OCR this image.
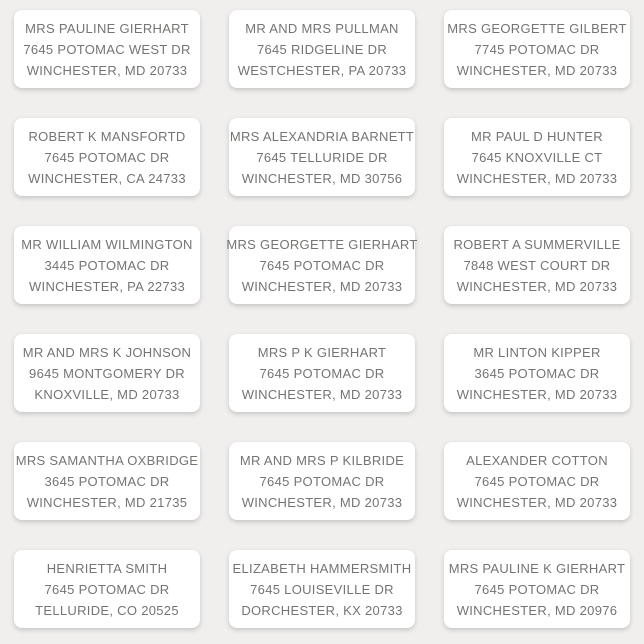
MRS PAULINE GIERHART
7645 POTOMAC WEST DR
WINCHESTER, MD 20733
MR AND MRS PULLMAN
7645 RIDGELINE DR
WESTCHESTER, PA 20733
MRS GEORGETTE GILBERT
7745 POTOMAC DR
WINCHESTER, MD 20733
ROBERT K MANSFORTD
7645 POTOMAC DR
WINCHESTER, CA 24733
MRS ALEXANDRIA BARNETT
7645 TELLURIDE DR
WINCHESTER, MD 30756
MR PAUL D HUNTER
7645 KNOXVILLE CT
WINCHESTER, MD 20733
MR WILLIAM WILMINGTON
3445 POTOMAC DR
WINCHESTER, PA 22733
MRS GEORGETTE GIERHART
7645 POTOMAC DR
WINCHESTER, MD 20733
ROBERT A SUMMERVILLE
7848 WEST COURT DR
WINCHESTER, MD 20733
MR AND MRS K JOHNSON
9645 MONTGOMERY DR
KNOXVILLE, MD 20733
MRS P K GIERHART
7645 POTOMAC DR
WINCHESTER, MD 20733
MR LINTON KIPPER
3645 POTOMAC DR
WINCHESTER, MD 20733
MRS SAMANTHA OXBRIDGE
3645 POTOMAC DR
WINCHESTER, MD 21735
MR AND MRS P KILBRIDE
7645 POTOMAC DR
WINCHESTER, MD 20733
ALEXANDER COTTON
7645 POTOMAC DR
WINCHESTER, MD 20733
HENRIETTA SMITH
7645 POTOMAC DR
TELLURIDE, CO 20525
ELIZABETH HAMMERSMITH
7645 LOUISEVILLE DR
DORCHESTER, KX 20733
MRS PAULINE K GIERHART
7645 POTOMAC DR
WINCHESTER, MD 20976
